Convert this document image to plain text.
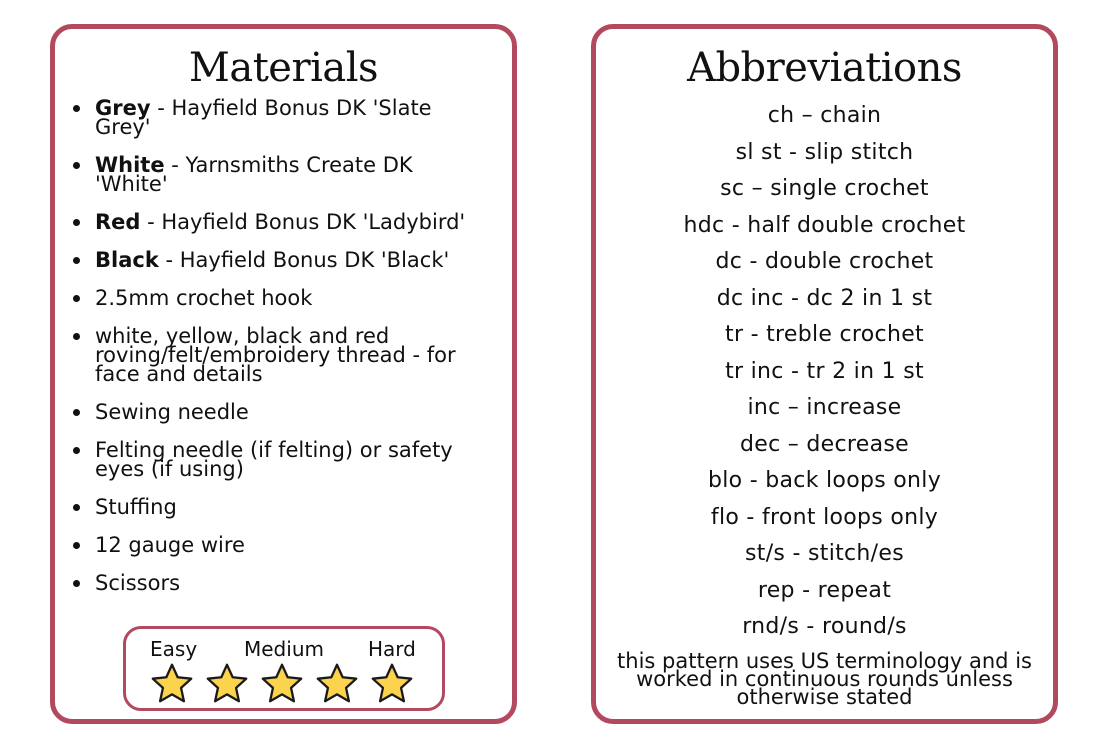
Materials
Grey - Hayfield Bonus DK 'Slate Grey'
White - Yarnsmiths Create DK 'White'
Red - Hayfield Bonus DK 'Ladybird'
Black - Hayfield Bonus DK 'Black'
2.5mm crochet hook
white, yellow, black and red roving/felt/embroidery thread - for face and details
Sewing needle
Felting needle (if felting) or safety eyes (if using)
Stuffing
12 gauge wire
Scissors
Easy Medium Hard
Abbreviations
ch – chain
sl st - slip stitch
sc – single crochet
hdc - half double crochet
dc - double crochet
dc inc - dc 2 in 1 st
tr - treble crochet
tr inc - tr 2 in 1 st
inc – increase
dec – decrease
blo - back loops only
flo - front loops only
st/s - stitch/es
rep - repeat
rnd/s - round/s

this pattern uses US terminology and is worked in continuous rounds unless otherwise stated
